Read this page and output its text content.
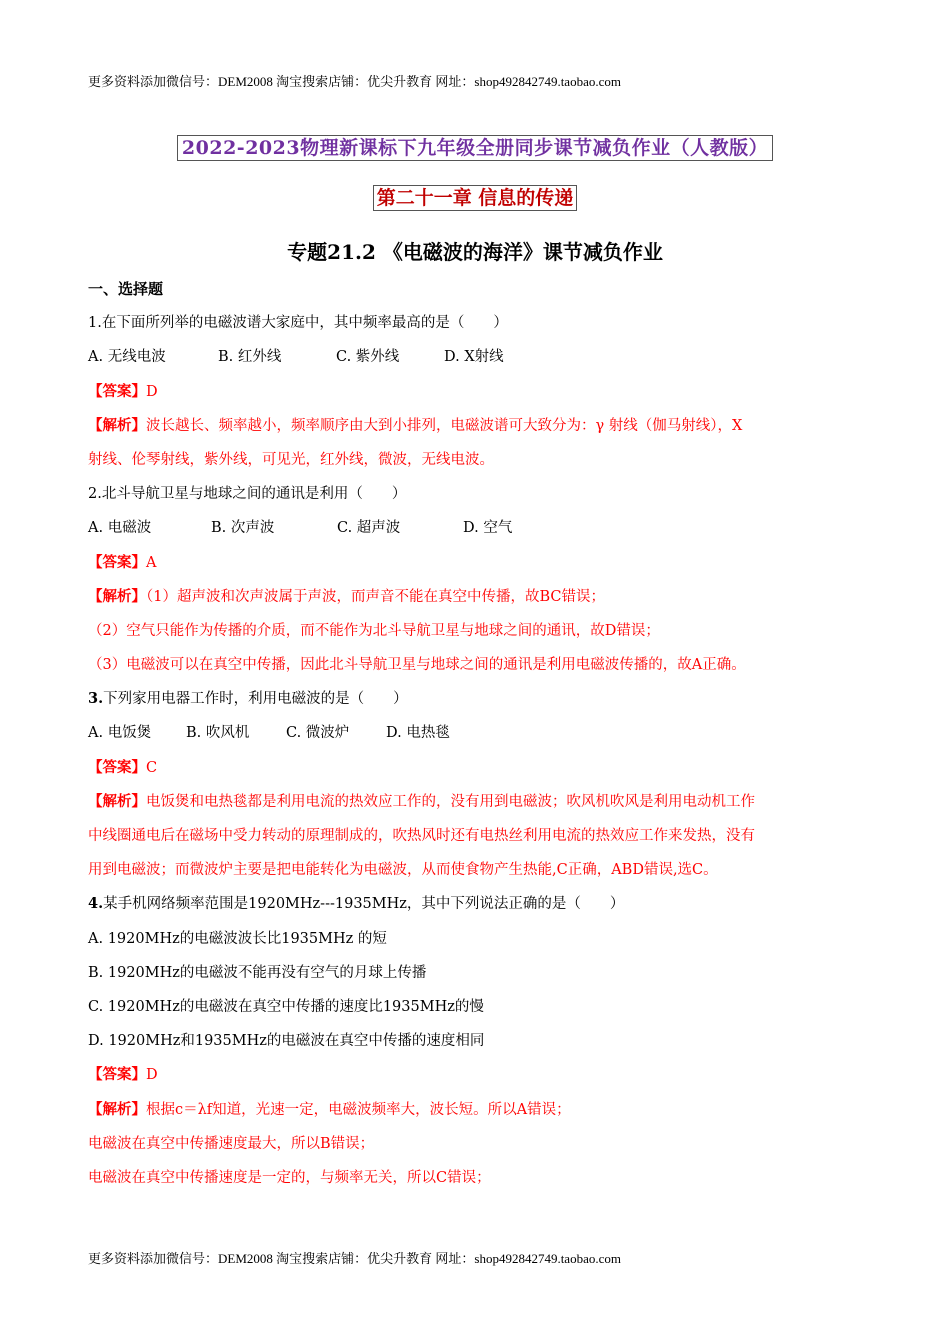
更多资料添加微信号：DEM2008 淘宝搜索店铺：优尖升教育 网址：shop492842749.taobao.com
2022-2023物理新课标下九年级全册同步课节减负作业（人教版）
第二十一章 信息的传递
专题21.2 《电磁波的海洋》课节减负作业
一、选择题
1.在下面所列举的电磁波谱大家庭中，其中频率最高的是（　　）
A. 无线电波	B. 红外线	C. 紫外线	D. X射线
【答案】D
【解析】波长越长、频率越小，频率顺序由大到小排列，电磁波谱可大致分为：γ 射线（伽马射线），X
射线、伦琴射线，紫外线，可见光，红外线，微波，无线电波。
2.北斗导航卫星与地球之间的通讯是利用（　　）
A. 电磁波	B. 次声波	C. 超声波	D. 空气
【答案】A
【解析】（1）超声波和次声波属于声波，而声音不能在真空中传播，故BC错误；
（2）空气只能作为传播的介质，而不能作为北斗导航卫星与地球之间的通讯，故D错误；
（3）电磁波可以在真空中传播，因此北斗导航卫星与地球之间的通讯是利用电磁波传播的，故A正确。
3.下列家用电器工作时，利用电磁波的是（　　）
A. 电饭煲 B. 吹风机	C. 微波炉	D. 电热毯
【答案】C
【解析】电饭煲和电热毯都是利用电流的热效应工作的，没有用到电磁波；吹风机吹风是利用电动机工作
中线圈通电后在磁场中受力转动的原理制成的，吹热风时还有电热丝利用电流的热效应工作来发热，没有
用到电磁波；而微波炉主要是把电能转化为电磁波，从而使食物产生热能,C正确，ABD错误,选C。
4.某手机网络频率范围是1920MHz---1935MHz，其中下列说法正确的是（　　）
A. 1920MHz的电磁波波长比1935MHz 的短
B. 1920MHz的电磁波不能再没有空气的月球上传播
C. 1920MHz的电磁波在真空中传播的速度比1935MHz的慢
D. 1920MHz和1935MHz的电磁波在真空中传播的速度相同
【答案】D
【解析】根据c＝λf知道，光速一定，电磁波频率大，波长短。所以A错误；
电磁波在真空中传播速度最大，所以B错误；
电磁波在真空中传播速度是一定的，与频率无关，所以C错误；
更多资料添加微信号：DEM2008 淘宝搜索店铺：优尖升教育 网址：shop492842749.taobao.com
